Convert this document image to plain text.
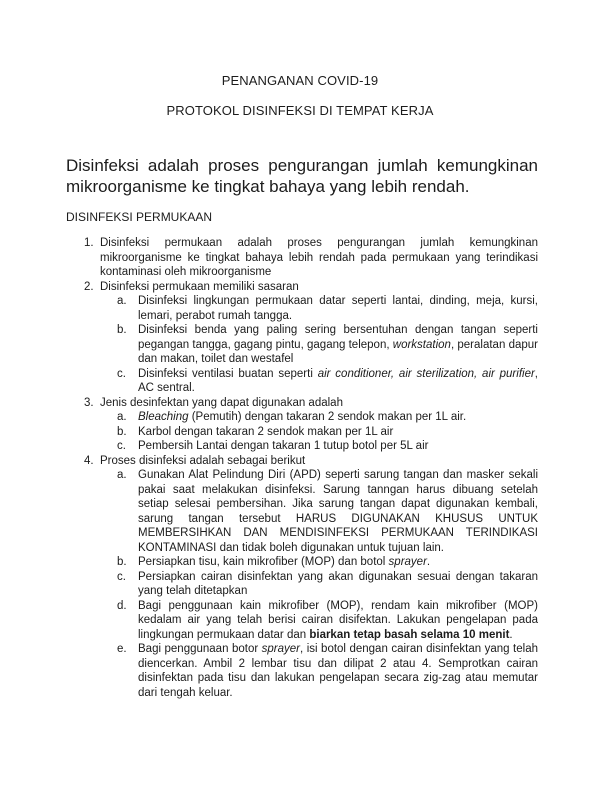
PENANGANAN COVID-19

PROTOKOL DISINFEKSI DI TEMPAT KERJA

Disinfeksi adalah proses pengurangan jumlah kemungkinan mikroorganisme ke tingkat bahaya yang lebih rendah.

DISINFEKSI PERMUKAAN

1. Disinfeksi permukaan adalah proses pengurangan jumlah kemungkinan mikroorganisme ke tingkat bahaya lebih rendah pada permukaan yang terindikasi kontaminasi oleh mikroorganisme
2. Disinfeksi permukaan memiliki sasaran
a. Disinfeksi lingkungan permukaan datar seperti lantai, dinding, meja, kursi, lemari, perabot rumah tangga.
b. Disinfeksi benda yang paling sering bersentuhan dengan tangan seperti pegangan tangga, gagang pintu, gagang telepon, workstation, peralatan dapur dan makan, toilet dan westafel
c. Disinfeksi ventilasi buatan seperti air conditioner, air sterilization, air purifier, AC sentral.
3. Jenis desinfektan yang dapat digunakan adalah
a. Bleaching (Pemutih) dengan takaran 2 sendok makan per 1L air.
b. Karbol dengan takaran 2 sendok makan per 1L air
c. Pembersih Lantai dengan takaran 1 tutup botol per 5L air
4. Proses disinfeksi adalah sebagai berikut
a. Gunakan Alat Pelindung Diri (APD) seperti sarung tangan dan masker sekali pakai saat melakukan disinfeksi. Sarung tanngan harus dibuang setelah setiap selesai pembersihan. Jika sarung tangan dapat digunakan kembali, sarung tangan tersebut HARUS DIGUNAKAN KHUSUS UNTUK MEMBERSIHKAN DAN MENDISINFEKSI PERMUKAAN TERINDIKASI KONTAMINASI dan tidak boleh digunakan untuk tujuan lain.
b. Persiapkan tisu, kain mikrofiber (MOP) dan botol sprayer.
c. Persiapkan cairan disinfektan yang akan digunakan sesuai dengan takaran yang telah ditetapkan
d. Bagi penggunaan kain mikrofiber (MOP), rendam kain mikrofiber (MOP) kedalam air yang telah berisi cairan disifektan. Lakukan pengelapan pada lingkungan permukaan datar dan biarkan tetap basah selama 10 menit.
e. Bagi penggunaan botor sprayer, isi botol dengan cairan disinfektan yang telah diencerkan. Ambil 2 lembar tisu dan dilipat 2 atau 4. Semprotkan cairan disinfektan pada tisu dan lakukan pengelapan secara zig-zag atau memutar dari tengah keluar.
